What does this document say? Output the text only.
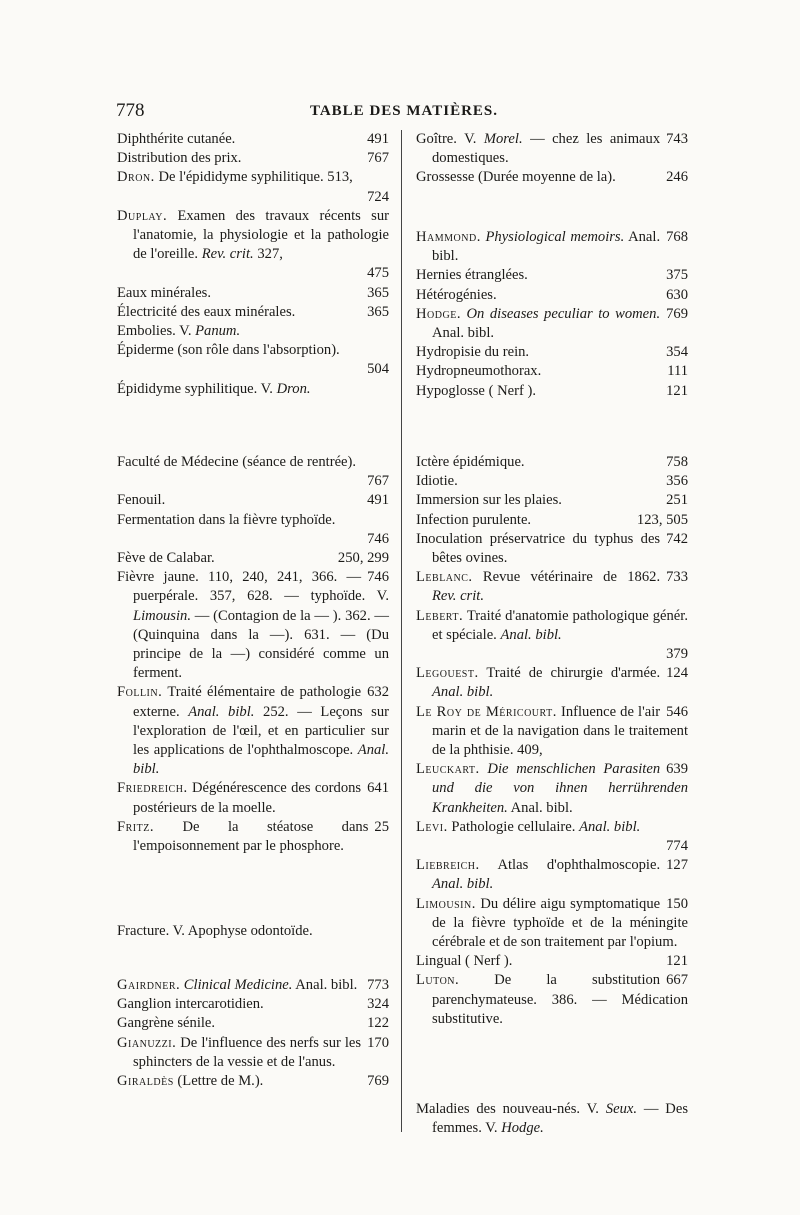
778	TABLE DES MATIÈRES.
491
Diphthérite cutanée.
767
Distribution des prix.
Dron. De l'épididyme syphilitique. 513,
724
Duplay. Examen des travaux récents sur l'anatomie, la physiologie et la pathologie de l'oreille. Rev. crit. 327,
475
365
Eaux minérales.
365
Électricité des eaux minérales.
Embolies. V. Panum.
Épiderme (son rôle dans l'absorption).
504
Épididyme syphilitique. V. Dron.
Faculté de Médecine (séance de rentrée).
767
491
Fenouil.
Fermentation dans la fièvre typhoïde.
746
250, 299
Fève de Calabar.
746
Fièvre jaune. 110, 240, 241, 366. — puerpérale. 357, 628. — typhoïde. V. Limousin. — (Contagion de la — ). 362. — (Quinquina dans la —). 631. — (Du principe de la —) considéré comme un ferment.
632
Follin. Traité élémentaire de pathologie externe. Anal. bibl. 252. — Leçons sur l'exploration de l'œil, et en particulier sur les applications de l'ophthalmoscope. Anal. bibl.
641
Friedreich. Dégénérescence des cordons postérieurs de la moelle.
25
Fritz. De la stéatose dans l'empoisonnement par le phosphore.
Fracture. V. Apophyse odontoïde.
773
Gairdner. Clinical Medicine. Anal. bibl.
324
Ganglion intercarotidien.
122
Gangrène sénile.
170
Gianuzzi. De l'influence des nerfs sur les sphincters de la vessie et de l'anus.
769
Giraldès (Lettre de M.).
743
Goître. V. Morel. — chez les animaux domestiques.
246
Grossesse (Durée moyenne de la).
768
Hammond. Physiological memoirs. Anal. bibl.
375
Hernies étranglées.
630
Hétérogénies.
769
Hodge. On diseases peculiar to women. Anal. bibl.
354
Hydropisie du rein.
111
Hydropneumothorax.
121
Hypoglosse ( Nerf ).
758
Ictère épidémique.
356
Idiotie.
251
Immersion sur les plaies.
123, 505
Infection purulente.
742
Inoculation préservatrice du typhus des bêtes ovines.
733
Leblanc. Revue vétérinaire de 1862. Rev. crit.
Lebert. Traité d'anatomie pathologique génér. et spéciale. Anal. bibl.
379
124
Legouest. Traité de chirurgie d'armée. Anal. bibl.
546
Le Roy de Méricourt. Influence de l'air marin et de la navigation dans le traitement de la phthisie. 409,
639
Leuckart. Die menschlichen Parasiten und die von ihnen herrührenden Krankheiten. Anal. bibl.
Levi. Pathologie cellulaire. Anal. bibl.
774
127
Liebreich. Atlas d'ophthalmoscopie. Anal. bibl.
150
Limousin. Du délire aigu symptomatique de la fièvre typhoïde et de la méningite cérébrale et de son traitement par l'opium.
121
Lingual ( Nerf ).
667
Luton. De la substitution parenchymateuse. 386. — Médication substitutive.
Maladies des nouveau-nés. V. Seux. — Des femmes. V. Hodge.
